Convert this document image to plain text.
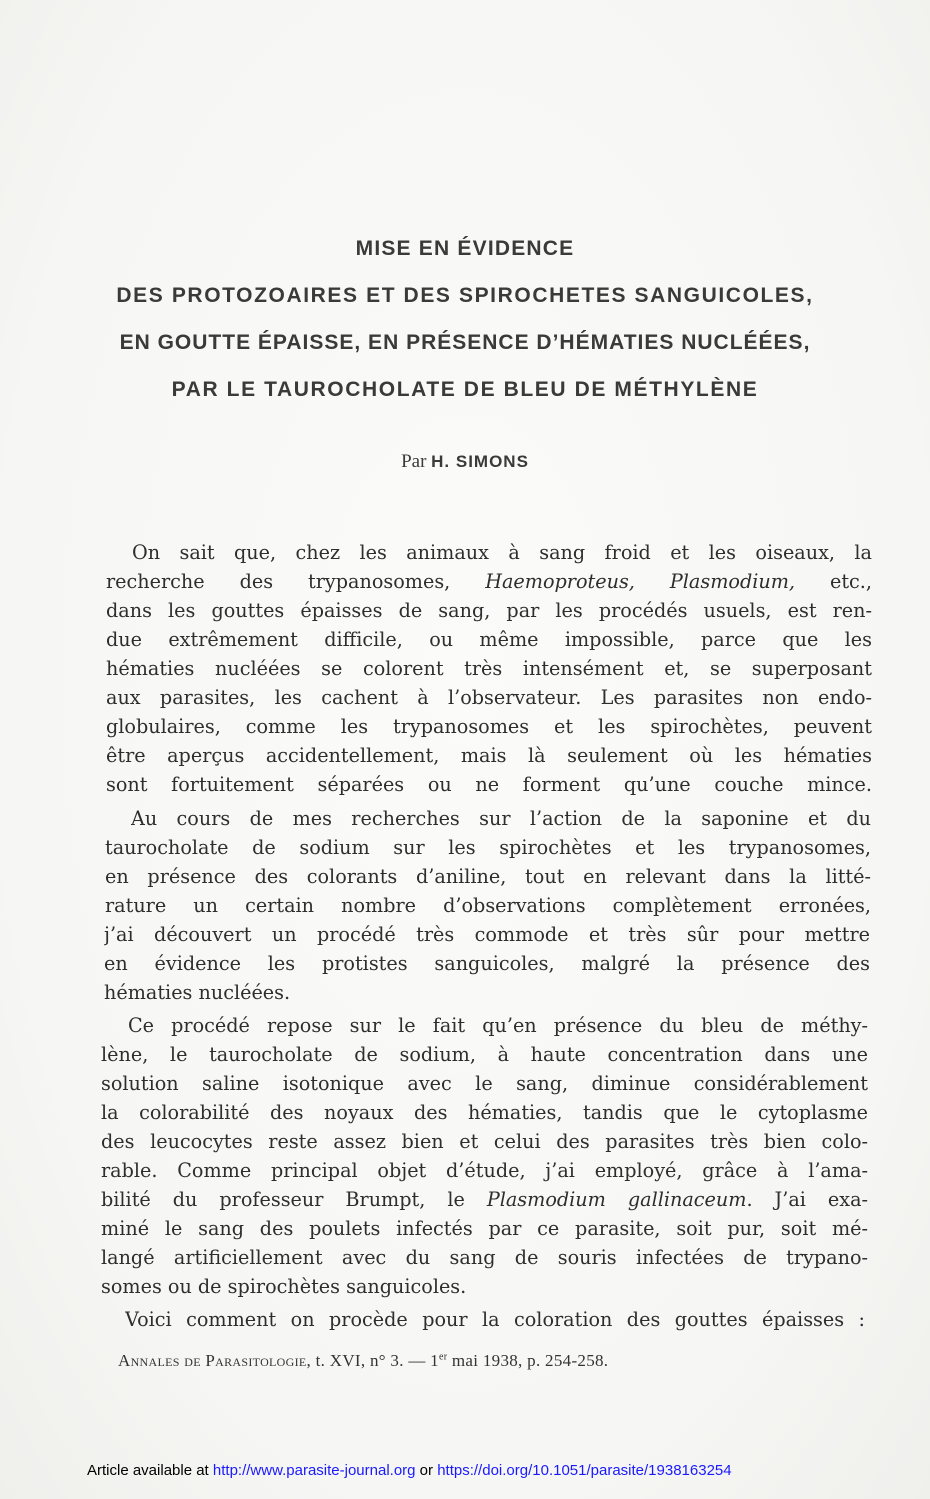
MISE EN ÉVIDENCE
DES PROTOZOAIRES ET DES SPIROCHETES SANGUICOLES,
EN GOUTTE ÉPAISSE, EN PRÉSENCE D’HÉMATIES NUCLÉÉES,
PAR LE TAUROCHOLATE DE BLEU DE MÉTHYLÈNE
Par H. SIMONS
On sait que, chez les animaux à sang froid et les oiseaux, la
recherche des trypanosomes, Haemoproteus, Plasmodium, etc.,
dans les gouttes épaisses de sang, par les procédés usuels, est ren-
due extrêmement difficile, ou même impossible, parce que les
hématies nucléées se colorent très intensément et, se superposant
aux parasites, les cachent à l’observateur. Les parasites non endo-
globulaires, comme les trypanosomes et les spirochètes, peuvent
être aperçus accidentellement, mais là seulement où les hématies
sont fortuitement séparées ou ne forment qu’une couche mince.
Au cours de mes recherches sur l’action de la saponine et du
taurocholate de sodium sur les spirochètes et les trypanosomes,
en présence des colorants d’aniline, tout en relevant dans la litté-
rature un certain nombre d’observations complètement erronées,
j’ai découvert un procédé très commode et très sûr pour mettre
en évidence les protistes sanguicoles, malgré la présence des
hématies nucléées.
Ce procédé repose sur le fait qu’en présence du bleu de méthy-
lène, le taurocholate de sodium, à haute concentration dans une
solution saline isotonique avec le sang, diminue considérablement
la colorabilité des noyaux des hématies, tandis que le cytoplasme
des leucocytes reste assez bien et celui des parasites très bien colo-
rable. Comme principal objet d’étude, j’ai employé, grâce à l’ama-
bilité du professeur Brumpt, le Plasmodium gallinaceum. J’ai exa-
miné le sang des poulets infectés par ce parasite, soit pur, soit mé-
langé artificiellement avec du sang de souris infectées de trypano-
somes ou de spirochètes sanguicoles.
Voici comment on procède pour la coloration des gouttes épaisses :
Annales de Parasitologie, t. XVI, n° 3. — 1er mai 1938, p. 254-258.
Article available at http://www.parasite-journal.org or https://doi.org/10.1051/parasite/1938163254
